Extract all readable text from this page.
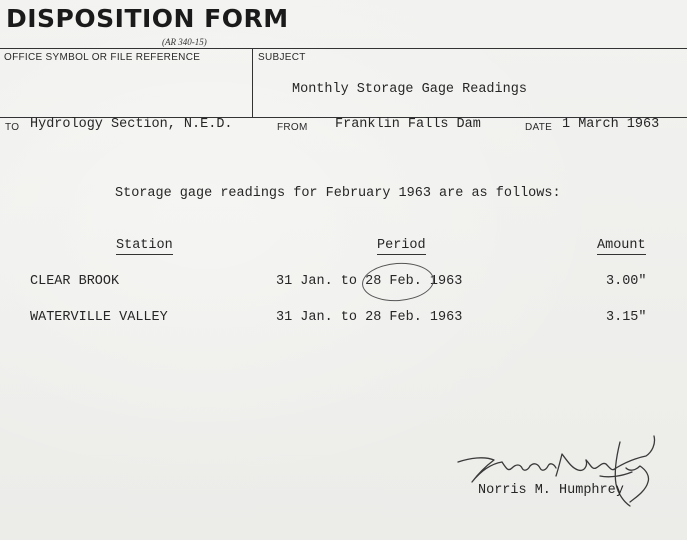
DISPOSITION FORM
(AR 340-15)
OFFICE SYMBOL OR FILE REFERENCE	SUBJECT
Monthly Storage Gage Readings
TO Hydrology Section, N.E.D.	FROM Franklin Falls Dam	DATE 1 March 1963
Storage gage readings for February 1963 are as follows:
Station	Period	Amount
CLEAR BROOK	31 Jan. to 28 Feb. 1963	3.00"
WATERVILLE VALLEY	31 Jan. to 28 Feb. 1963	3.15"
Norris M. Humphrey
